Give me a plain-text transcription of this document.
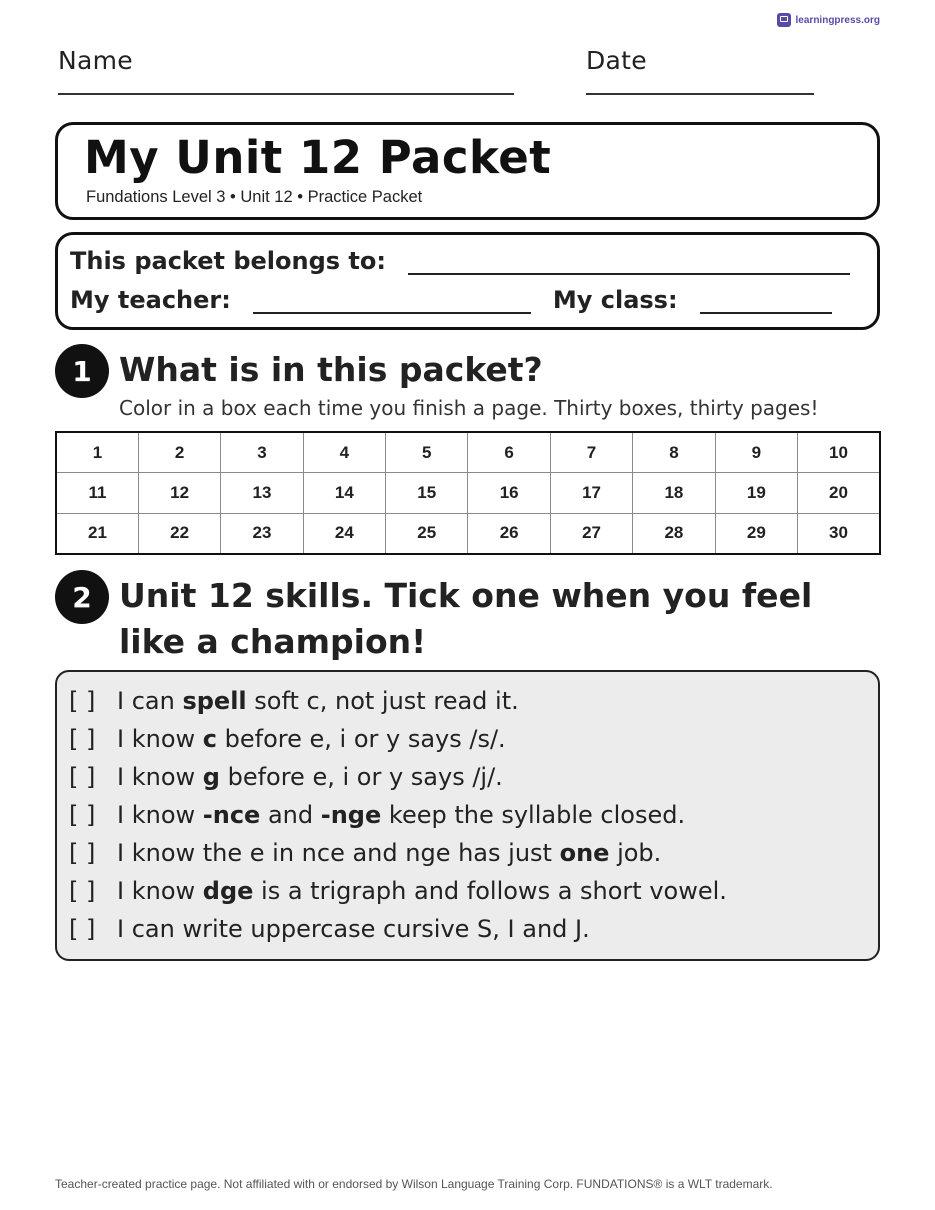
learningpress.org
Name	Date
My Unit 12 Packet
Fundations Level 3 • Unit 12 • Practice Packet
This packet belongs to:
My teacher:	My class:
1 What is in this packet?
Color in a box each time you finish a page. Thirty boxes, thirty pages!
1	2	3	4	5	6	7	8	9	10
11	12	13	14	15	16	17	18	19	20
21	22	23	24	25	26	27	28	29	30
2 Unit 12 skills. Tick one when you feel like a champion!
[ ] I can spell soft c, not just read it.
[ ] I know c before e, i or y says /s/.
[ ] I know g before e, i or y says /j/.
[ ] I know -nce and -nge keep the syllable closed.
[ ] I know the e in nce and nge has just one job.
[ ] I know dge is a trigraph and follows a short vowel.
[ ] I can write uppercase cursive S, I and J.
Teacher-created practice page. Not affiliated with or endorsed by Wilson Language Training Corp. FUNDATIONS® is a WLT trademark.
